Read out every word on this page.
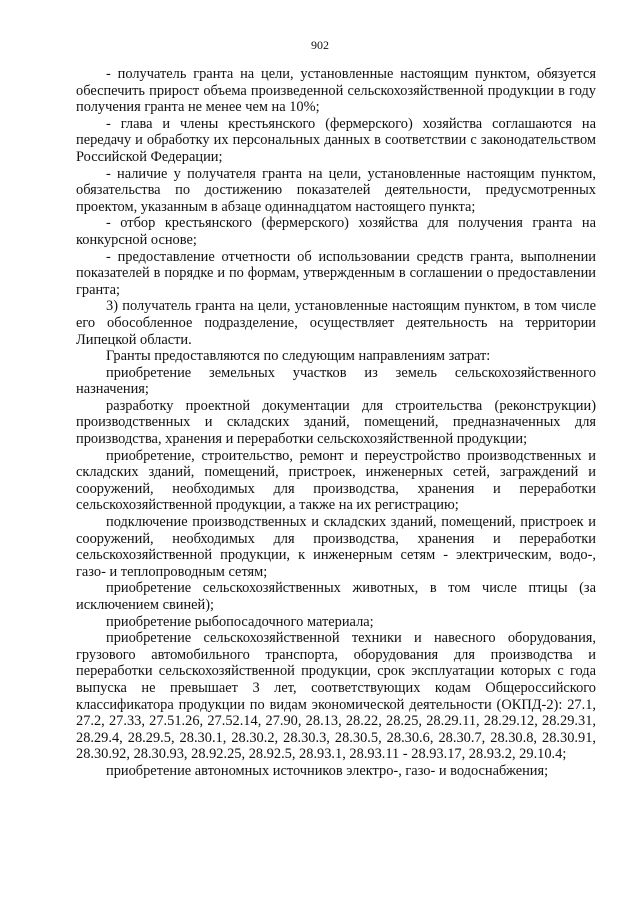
902

- получатель гранта на цели, установленные настоящим пунктом, обязуется обеспечить прирост объема произведенной сельскохозяйственной продукции в году получения гранта не менее чем на 10%;

- глава и члены крестьянского (фермерского) хозяйства соглашаются на передачу и обработку их персональных данных в соответствии с законодательством Российской Федерации;

- наличие у получателя гранта на цели, установленные настоящим пунктом, обязательства по достижению показателей деятельности, предусмотренных проектом, указанным в абзаце одиннадцатом настоящего пункта;

- отбор крестьянского (фермерского) хозяйства для получения гранта на конкурсной основе;

- предоставление отчетности об использовании средств гранта, выполнении показателей в порядке и по формам, утвержденным в соглашении о предоставлении гранта;

3) получатель гранта на цели, установленные настоящим пунктом, в том числе его обособленное подразделение, осуществляет деятельность на территории Липецкой области.

Гранты предоставляются по следующим направлениям затрат:

приобретение земельных участков из земель сельскохозяйственного назначения;

разработку проектной документации для строительства (реконструкции) производственных и складских зданий, помещений, предназначенных для производства, хранения и переработки сельскохозяйственной продукции;

приобретение, строительство, ремонт и переустройство производственных и складских зданий, помещений, пристроек, инженерных сетей, заграждений и сооружений, необходимых для производства, хранения и переработки сельскохозяйственной продукции, а также на их регистрацию;

подключение производственных и складских зданий, помещений, пристроек и сооружений, необходимых для производства, хранения и переработки сельскохозяйственной продукции, к инженерным сетям - электрическим, водо-, газо- и теплопроводным сетям;

приобретение сельскохозяйственных животных, в том числе птицы (за исключением свиней);

приобретение рыбопосадочного материала;

приобретение сельскохозяйственной техники и навесного оборудования, грузового автомобильного транспорта, оборудования для производства и переработки сельскохозяйственной продукции, срок эксплуатации которых с года выпуска не превышает 3 лет, соответствующих кодам Общероссийского классификатора продукции по видам экономической деятельности (ОКПД-2): 27.1, 27.2, 27.33, 27.51.26, 27.52.14, 27.90, 28.13, 28.22, 28.25, 28.29.11, 28.29.12, 28.29.31, 28.29.4, 28.29.5, 28.30.1, 28.30.2, 28.30.3, 28.30.5, 28.30.6, 28.30.7, 28.30.8, 28.30.91, 28.30.92, 28.30.93, 28.92.25, 28.92.5, 28.93.1, 28.93.11 - 28.93.17, 28.93.2, 29.10.4;

приобретение автономных источников электро-, газо- и водоснабжения;
